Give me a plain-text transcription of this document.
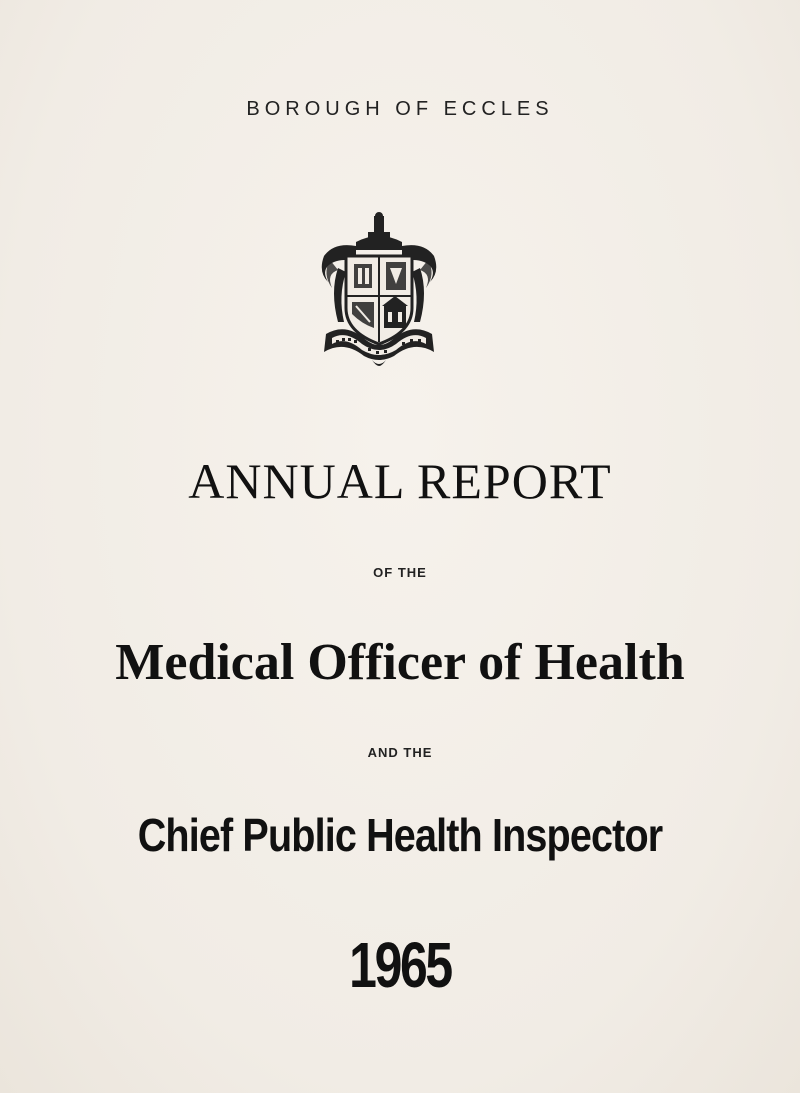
BOROUGH OF ECCLES

ANNUAL REPORT

OF THE

Medical Officer of Health

AND THE

Chief Public Health Inspector

1965
